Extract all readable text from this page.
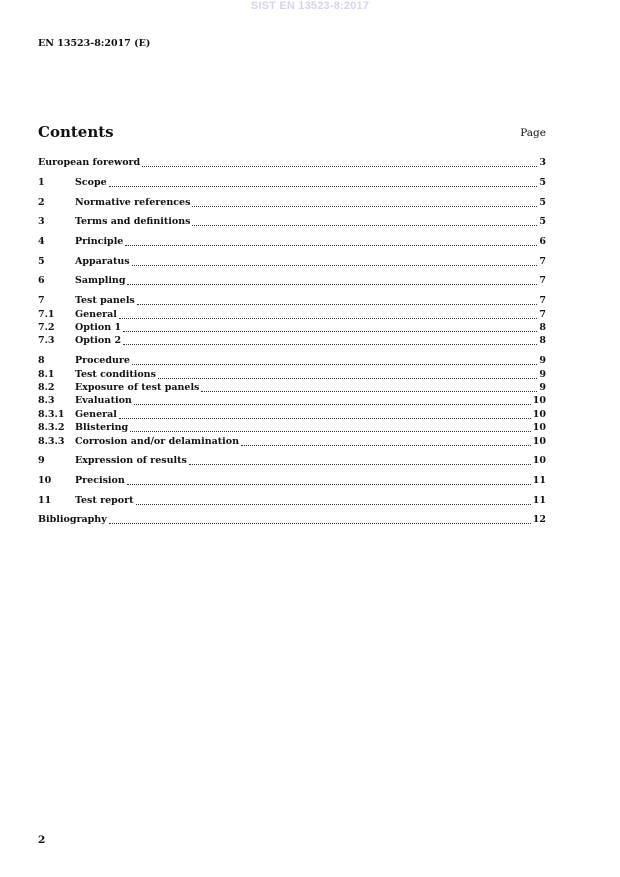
SIST EN 13523-8:2017
EN 13523-8:2017 (E)
Contents	Page
European foreword	3
1	Scope	5
2	Normative references	5
3	Terms and definitions	5
4	Principle	6
5	Apparatus	7
6	Sampling	7
7	Test panels	7
7.1	General	7
7.2	Option 1	8
7.3	Option 2	8
8	Procedure	9
8.1	Test conditions	9
8.2	Exposure of test panels	9
8.3	Evaluation	10
8.3.1	General	10
8.3.2	Blistering	10
8.3.3	Corrosion and/or delamination	10
9	Expression of results	10
10	Precision	11
11	Test report	11
Bibliography	12
2
